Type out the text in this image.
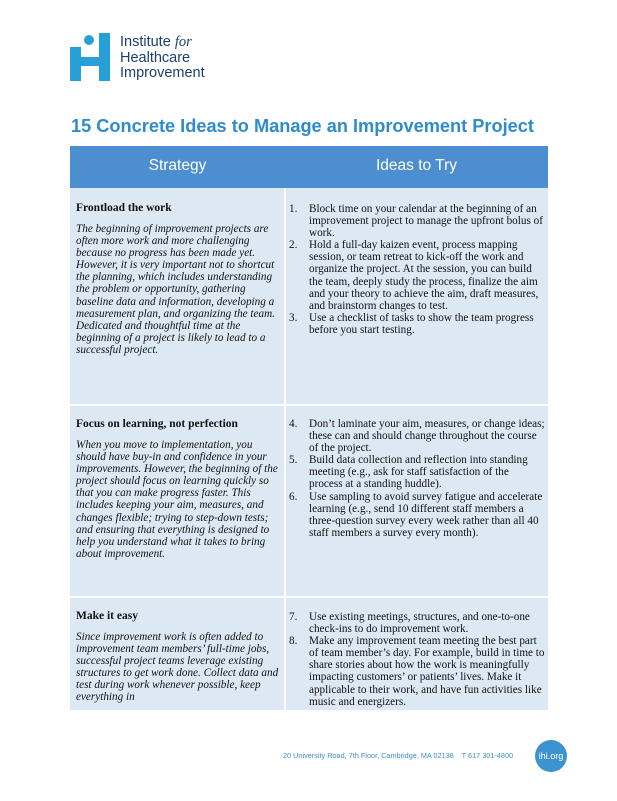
Institute for
Healthcare
Improvement
15 Concrete Ideas to Manage an Improvement Project
Strategy	Ideas to Try
Frontload the work

The beginning of improvement projects are often more work and more challenging because no progress has been made yet. However, it is very important not to shortcut the planning, which includes understanding the problem or opportunity, gathering baseline data and information, developing a measurement plan, and organizing the team. Dedicated and thoughtful time at the beginning of a project is likely to lead to a successful project.

1. Block time on your calendar at the beginning of an improvement project to manage the upfront bolus of work.
2. Hold a full-day kaizen event, process mapping session, or team retreat to kick-off the work and organize the project. At the session, you can build the team, deeply study the process, finalize the aim and your theory to achieve the aim, draft measures, and brainstorm changes to test.
3. Use a checklist of tasks to show the team progress before you start testing.
Focus on learning, not perfection

When you move to implementation, you should have buy-in and confidence in your improvements. However, the beginning of the project should focus on learning quickly so that you can make progress faster. This includes keeping your aim, measures, and changes flexible; trying to step-down tests; and ensuring that everything is designed to help you understand what it takes to bring about improvement.

4. Don’t laminate your aim, measures, or change ideas; these can and should change throughout the course of the project.
5. Build data collection and reflection into standing meeting (e.g., ask for staff satisfaction of the process at a standing huddle).
6. Use sampling to avoid survey fatigue and accelerate learning (e.g., send 10 different staff members a three-question survey every week rather than all 40 staff members a survey every month).
Make it easy

Since improvement work is often added to improvement team members’ full-time jobs, successful project teams leverage existing structures to get work done. Collect data and test during work whenever possible, keep everything in

7. Use existing meetings, structures, and one-to-one check-ins to do improvement work.
8. Make any improvement team meeting the best part of team member’s day. For example, build in time to share stories about how the work is meaningfully impacting customers’ or patients’ lives. Make it applicable to their work, and have fun activities like music and energizers.
20 University Road, 7th Floor, Cambridge, MA 02138 T 617 301-4800	ihi.org
